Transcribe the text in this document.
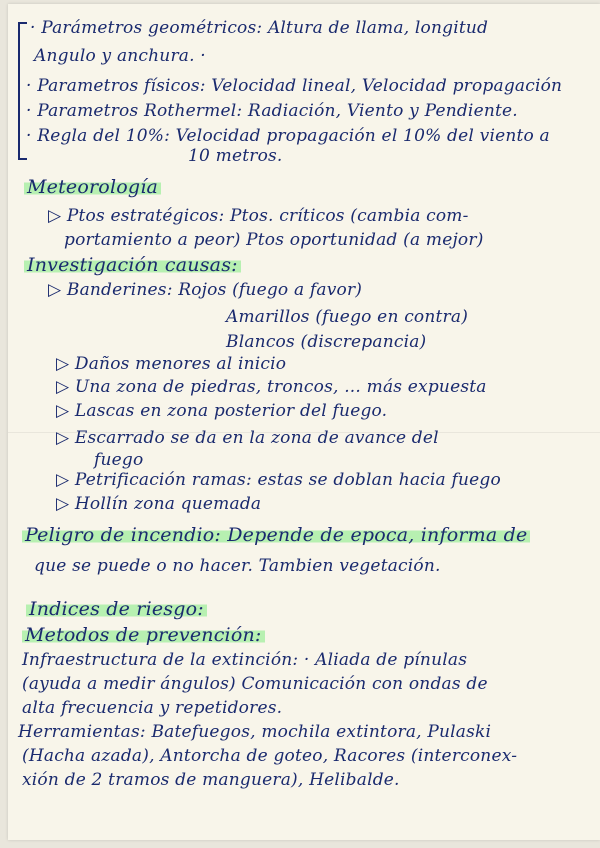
· Parámetros geométricos: Altura de llama, longitud
Angulo y anchura. ·
· Parametros físicos: Velocidad lineal, Velocidad propagación
· Parametros Rothermel: Radiación, Viento y Pendiente.
· Regla del 10%: Velocidad propagación el 10% del viento a
10 metros.
Meteorología
▷ Ptos estratégicos: Ptos. críticos (cambia com-
portamiento a peor) Ptos oportunidad (a mejor)
Investigación causas:
▷ Banderines: Rojos (fuego a favor)
Amarillos (fuego en contra)
Blancos (discrepancia)
▷ Daños menores al inicio
▷ Una zona de piedras, troncos, ... más expuesta
▷ Lascas en zona posterior del fuego.
▷ Escarrado se da en la zona de avance del
fuego
▷ Petrificación ramas: estas se doblan hacia fuego
▷ Hollín zona quemada
Peligro de incendio: Depende de epoca, informa de
que se puede o no hacer. Tambien vegetación.
Indices de riesgo:
Metodos de prevención:
Infraestructura de la extinción: · Aliada de pínulas
(ayuda a medir ángulos) Comunicación con ondas de
alta frecuencia y repetidores.
Herramientas: Batefuegos, mochila extintora, Pulaski
(Hacha azada), Antorcha de goteo, Racores (interconex-
xión de 2 tramos de manguera), Helibalde.
